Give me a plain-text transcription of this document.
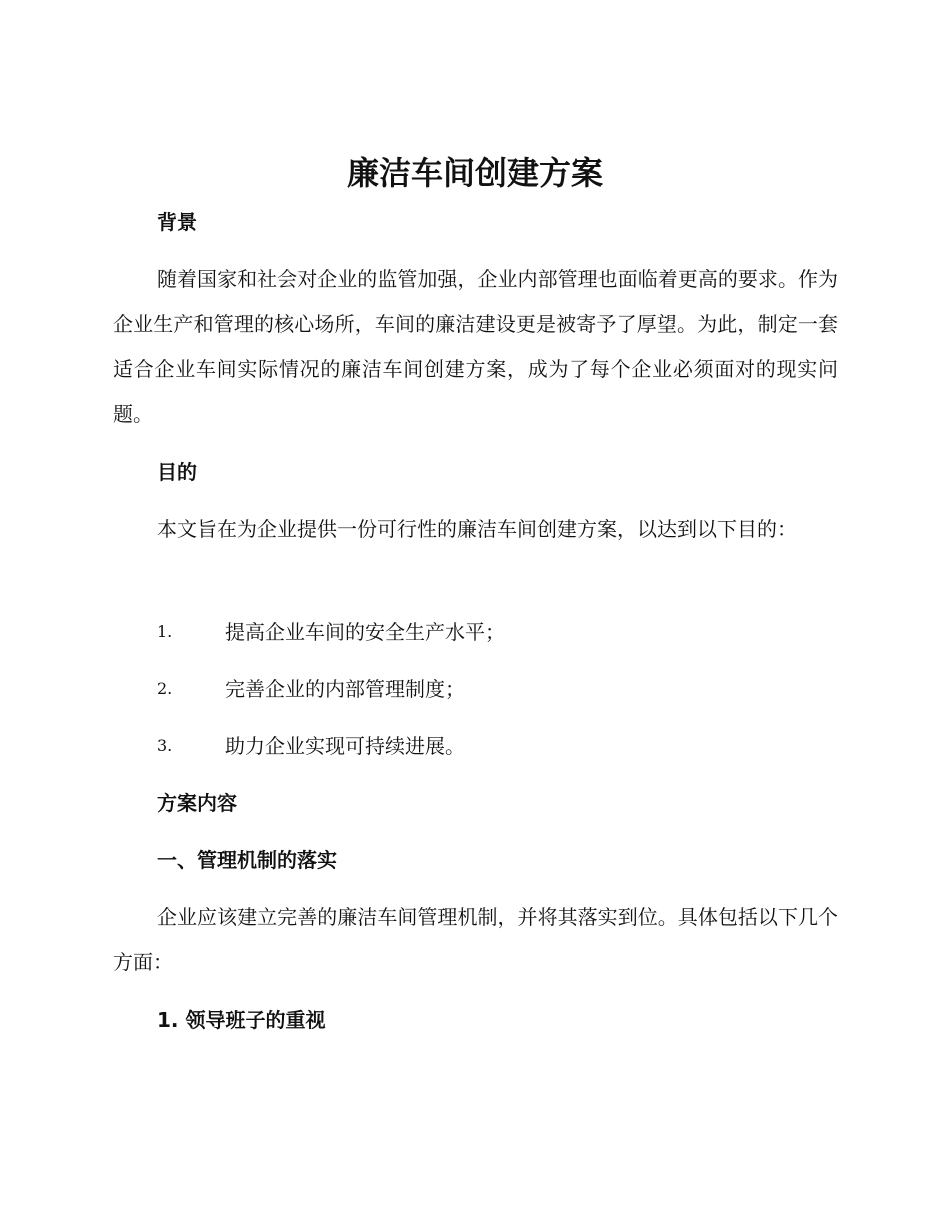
廉洁车间创建方案
背景

随着国家和社会对企业的监管加强，企业内部管理也面临着更高的要求。作为企业生产和管理的核心场所，车间的廉洁建设更是被寄予了厚望。为此，制定一套适合企业车间实际情况的廉洁车间创建方案，成为了每个企业必须面对的现实问题。

目的

本文旨在为企业提供一份可行性的廉洁车间创建方案，以达到以下目的：

1.	提高企业车间的安全生产水平；
2.	完善企业的内部管理制度；
3.	助力企业实现可持续进展。
方案内容
一、管理机制的落实

企业应该建立完善的廉洁车间管理机制，并将其落实到位。具体包括以下几个方面：

1. 领导班子的重视
